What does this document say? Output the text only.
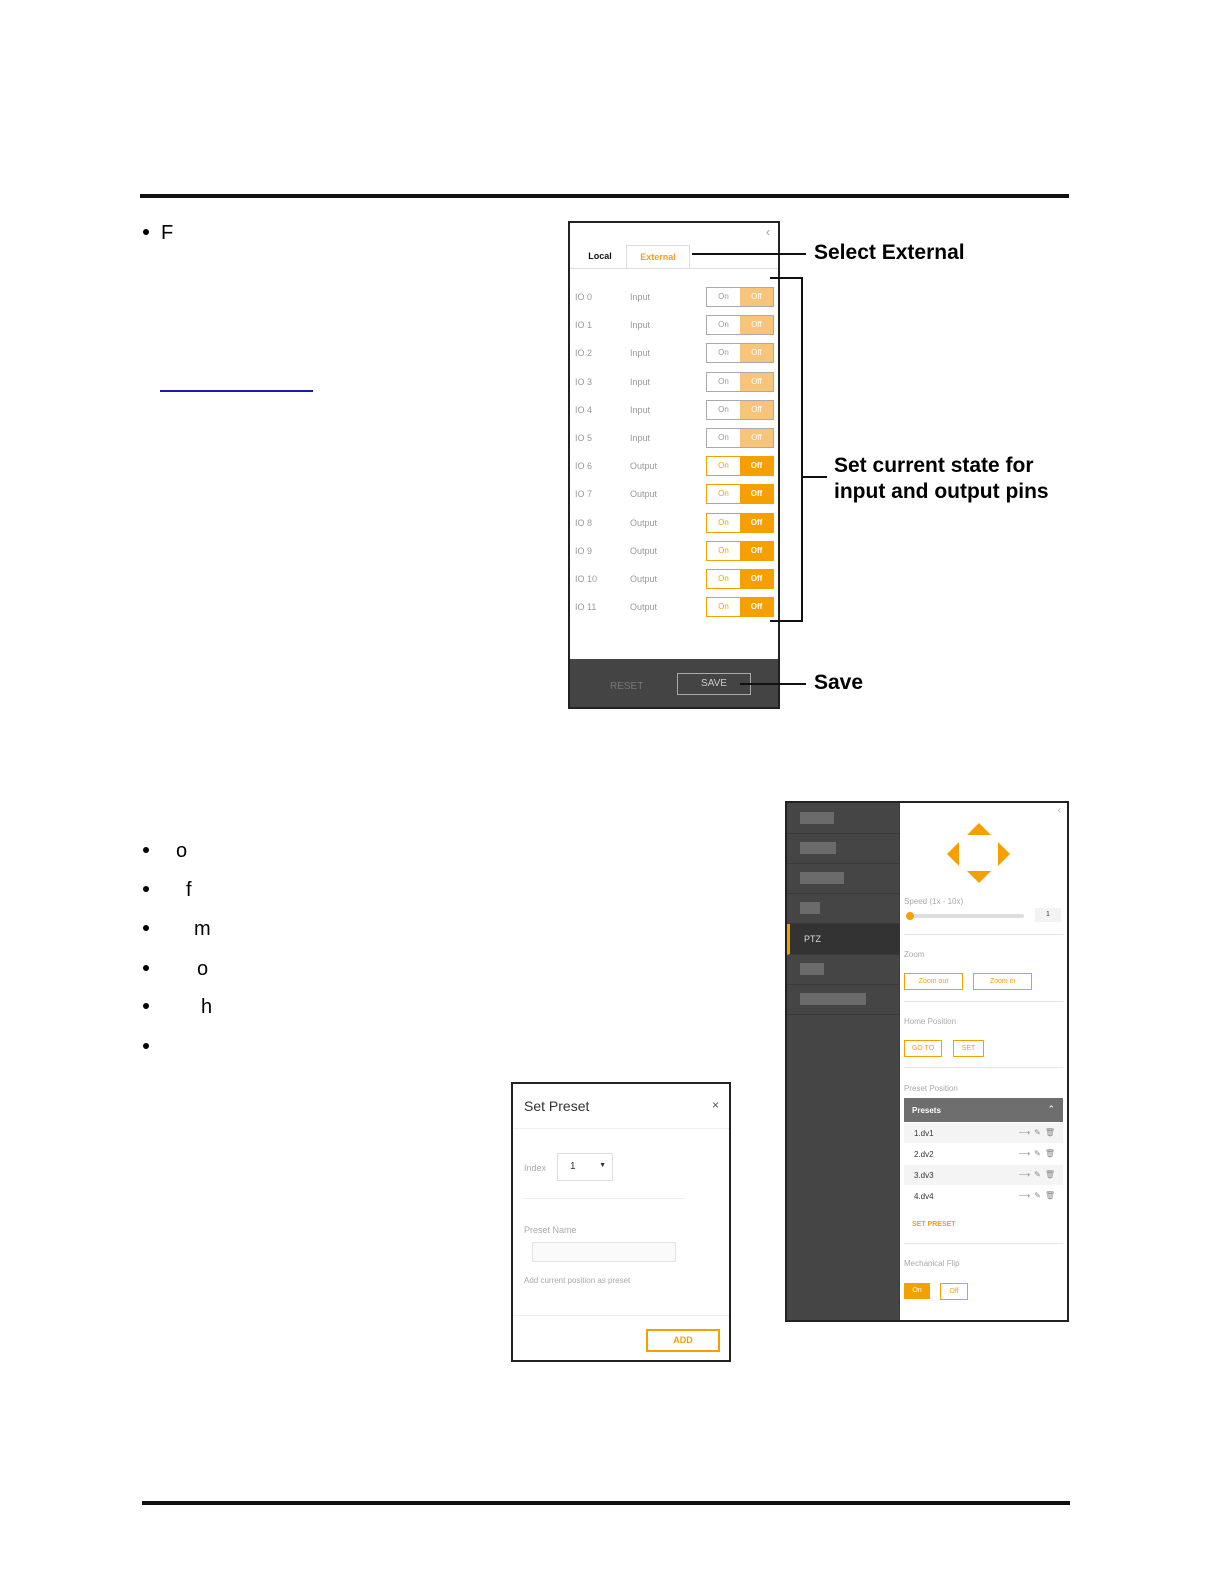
F	‹
Local	External
IO 0	Input	On	Off
IO 1	Input	On	Off
IO 2	Input	On	Off
IO 3	Input	On	Off
IO 4	Input	On	Off
IO 5	Input	On	Off
IO 6	Output	On	Off
IO 7	Output	On	Off
IO 8	Output	On	Off
IO 9	Output	On	Off
IO 10	Output	On	Off
IO 11	Output	On	Off
RESET	SAVE
Select External
Set current state for
input and output pins
Save
o
f
m
o
h
Set Preset	×
Index 1	▼
Preset Name
Add current position as preset
ADD
PTZ
‹
Speed (1x - 10x)
1
Zoom
Zoom out	Zoom in
Home Position
GO TO	SET
Preset Position
Presets	⌃
1.dv1	⟶✎🗑
2.dv2	⟶✎🗑
3.dv3	⟶✎🗑
4.dv4	⟶✎🗑
SET PRESET
Mechanical Flip
On	Off
